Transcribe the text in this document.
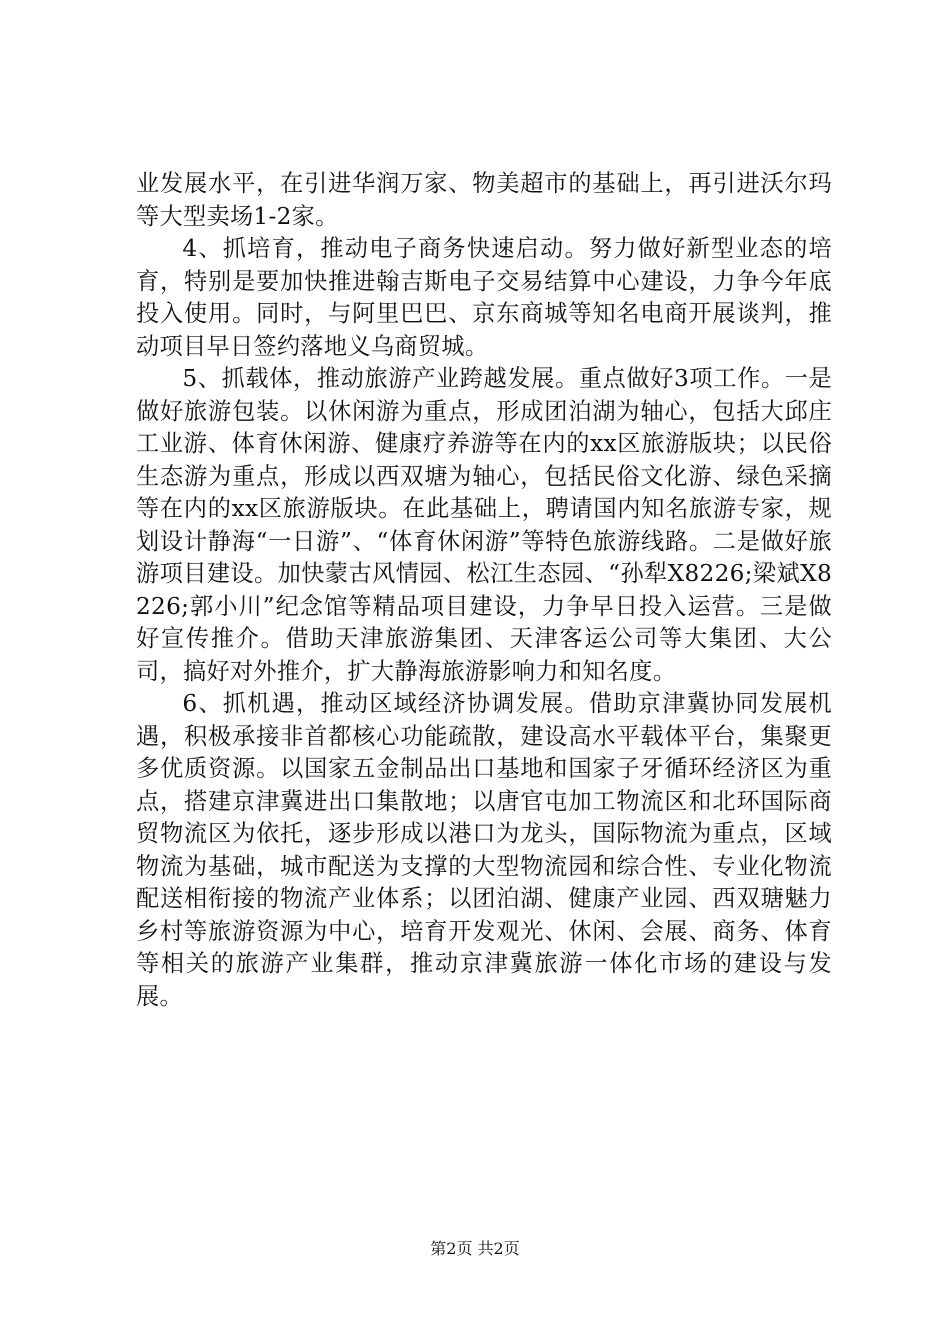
业发展水平，在引进华润万家、物美超市的基础上，再引进沃尔玛等大型卖场1-2家。

4、抓培育，推动电子商务快速启动。努力做好新型业态的培育，特别是要加快推进翰吉斯电子交易结算中心建设，力争今年底投入使用。同时，与阿里巴巴、京东商城等知名电商开展谈判，推动项目早日签约落地义乌商贸城。

5、抓载体，推动旅游产业跨越发展。重点做好3项工作。一是做好旅游包装。以休闲游为重点，形成团泊湖为轴心，包括大邱庄工业游、体育休闲游、健康疗养游等在内的xx区旅游版块；以民俗生态游为重点，形成以西双塘为轴心，包括民俗文化游、绿色采摘等在内的xx区旅游版块。在此基础上，聘请国内知名旅游专家，规划设计静海“一日游”、“体育休闲游”等特色旅游线路。二是做好旅游项目建设。加快蒙古风情园、松江生态园、“孙犁X8226;梁斌X8226;郭小川”纪念馆等精品项目建设，力争早日投入运营。三是做好宣传推介。借助天津旅游集团、天津客运公司等大集团、大公司，搞好对外推介，扩大静海旅游影响力和知名度。

6、抓机遇，推动区域经济协调发展。借助京津冀协同发展机遇，积极承接非首都核心功能疏散，建设高水平载体平台，集聚更多优质资源。以国家五金制品出口基地和国家子牙循环经济区为重点，搭建京津冀进出口集散地；以唐官屯加工物流区和北环国际商贸物流区为依托，逐步形成以港口为龙头，国际物流为重点，区域物流为基础，城市配送为支撑的大型物流园和综合性、专业化物流配送相衔接的物流产业体系；以团泊湖、健康产业园、西双瑭魅力乡村等旅游资源为中心，培育开发观光、休闲、会展、商务、体育等相关的旅游产业集群，推动京津冀旅游一体化市场的建设与发展。

第2页 共2页
